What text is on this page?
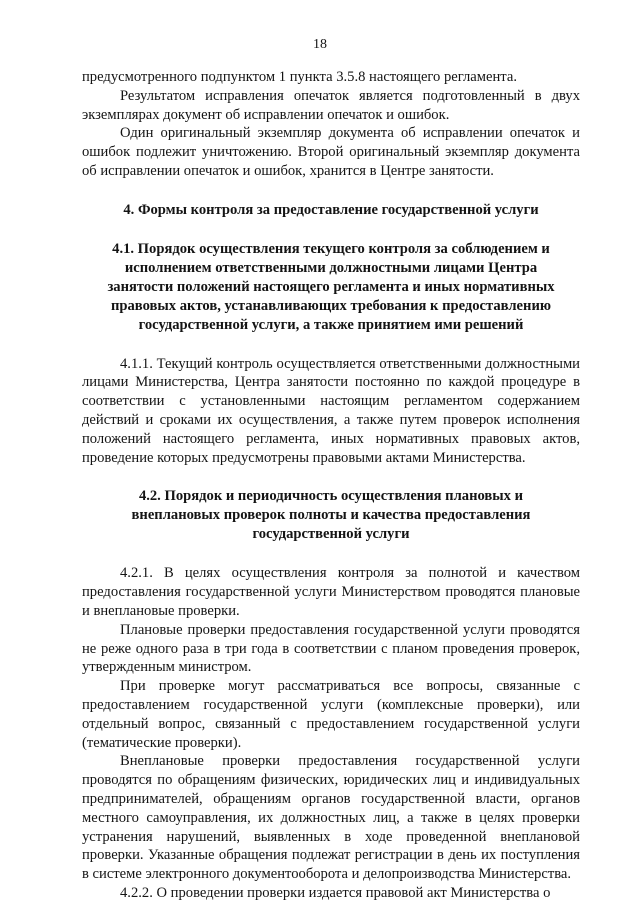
18

предусмотренного подпунктом 1 пункта 3.5.8 настоящего регламента.

Результатом исправления опечаток является подготовленный в двух экземплярах документ об исправлении опечаток и ошибок.

Один оригинальный экземпляр документа об исправлении опечаток и ошибок подлежит уничтожению. Второй оригинальный экземпляр документа об исправлении опечаток и ошибок, хранится в Центре занятости.

4. Формы контроля за предоставление государственной услуги
4.1. Порядок осуществления текущего контроля за соблюдением и исполнением ответственными должностными лицами Центра занятости положений настоящего регламента и иных нормативных правовых актов, устанавливающих требования к предоставлению государственной услуги, а также принятием ими решений

4.1.1. Текущий контроль осуществляется ответственными должностными лицами Министерства, Центра занятости постоянно по каждой процедуре в соответствии с установленными настоящим регламентом содержанием действий и сроками их осуществления, а также путем проверок исполнения положений настоящего регламента, иных нормативных правовых актов, проведение которых предусмотрены правовыми актами Министерства.

4.2. Порядок и периодичность осуществления плановых и внеплановых проверок полноты и качества предоставления государственной услуги

4.2.1. В целях осуществления контроля за полнотой и качеством предоставления государственной услуги Министерством проводятся плановые и внеплановые проверки.

Плановые проверки предоставления государственной услуги проводятся не реже одного раза в три года в соответствии с планом проведения проверок, утвержденным министром.

При проверке могут рассматриваться все вопросы, связанные с предоставлением государственной услуги (комплексные проверки), или отдельный вопрос, связанный с предоставлением государственной услуги (тематические проверки).

Внеплановые проверки предоставления государственной услуги проводятся по обращениям физических, юридических лиц и индивидуальных предпринимателей, обращениям органов государственной власти, органов местного самоуправления, их должностных лиц, а также в целях проверки устранения нарушений, выявленных в ходе проведенной внеплановой проверки. Указанные обращения подлежат регистрации в день их поступления в системе электронного документооборота и делопроизводства Министерства.

4.2.2. О проведении проверки издается правовой акт Министерства о
